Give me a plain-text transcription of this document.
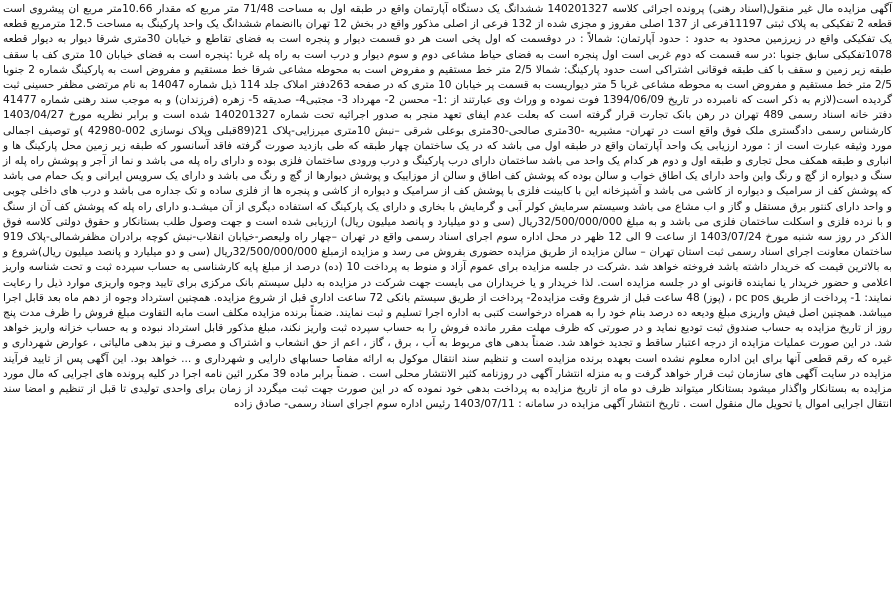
آگهی مزایده مال غیر منقول(اسناد رهنی) پرونده اجرائی کلاسه 140201327 ششدانگ یک دستگاه آپارتمان واقع در طبقه اول به مساحت 71/48 متر مربع که مقدار 10.66متر مربع ان پیشروی است قطعه 2 تفکیکی به پلاک ثبتی 11197فرعی از 137 اصلی مفروز و مجزی شده از 132 فرعی از اصلی مذکور واقع در بخش 12 تهران باانضمام ششدانگ یک واحد پارکینگ به مساحت 12.5 مترمربع قطعه یک تفکیکی واقع در زیرزمین محدود به حدود : حدود آپارتمان: شمالاً : در دوقسمت که اول پخی است هر دو قسمت دیوار و پنجره است به فضای تقاطع و خیابان 30متری شرقا دیوار به دیوار قطعه 1078تفکیکی سابق جنوبا :در سه قسمت که دوم غربی است اول پنجره است به فضای حیاط مشاعی دوم و سوم دیوار و درب است به راه پله غربا :پنجره است به فضای خیابان 10 متری کف با سقف طبقه زیر زمین و سقف با کف طبقه فوقانی اشتراکی است حدود پارکینگ: شمالا 2/5 متر خط مستقیم و مفروض است به محوطه مشاعی شرقا خط مستقیم و مفروض است به پارکینگ شماره 2 جنوبا 2/5 متر خط مستقیم و مفروض است به محوطه مشاعی غربا 5 متر دیواریست به قسمت پر خیابان 10 متری که در صفحه 263دفتر املاک جلد 114 ذیل شماره 14047 به نام مرتضی مظفر حسینی ثبت گردیده است(لازم به ذکر است که نامبرده در تاریخ 1394/06/09 فوت نموده و وراث وی عبارتند از :1- محسن 2- مهرداد 3- مجتبی4- صدیقه 5- زهره (فرزندان) و به موجب سند رهنی شماره 41477 دفتر خانه اسناد رسمی 489 تهران در رهن بانک تجارت قرار گرفته است که بعلت عدم ایفای تعهد منجر به صدور اجرائیه تحت شماره 140201327 شده است و برابر نظریه مورخ 1403/04/27 کارشناس رسمی دادگستری ملک فوق واقع است در تهران- مشیریه -30متری صالحی-30متری بوعلی شرقی –نبش 10متری میرزایی-پلاک 21(89قبلی وپلاک نوسازی 002-42980 )و توصیف اجمالی مورد وثیقه عبارت است از : مورد ارزیابی یک واحد آپارتمان واقع در طبقه اول می باشد که در یک ساختمان چهار طبقه که طی بازدید صورت گرفته فاقد آسانسور که طبقه زیر زمین محل پارکینگ ها و انباری و طبقه همکف محل تجاری و طبقه اول و دوم هر کدام یک واحد می باشد ساختمان دارای درب پارکینگ و درب ورودی ساختمان فلزی بوده و دارای راه پله می باشد و نما از آجر و پوشش راه پله از سنگ و دیواره از گچ و رنگ واین واحد دارای یک اطاق خواب و سالن بوده که پوشش کف اطاق و سالن از موزاییک و پوشش دیوارها از گچ و رنگ می باشد و دارای یک سرویس ایرانی و یک حمام می باشد که پوشش کف از سرامیک و دیواره از کاشی می باشد و آشپزخانه این با کابینت فلزی با پوشش کف از سرامیک و دیواره از کاشی و پنجره ها از فلزی ساده و تک جداره می باشد و درب های داخلی چوبی و واحد دارای کنتور برق مستقل و گاز و اب مشاع می باشد وسیستم سرمایش کولر آبی و گرمایش با بخاری و دارای یک پارکینگ که استفاده دیگری از آن میشـد.و دارای راه پله که پوشش کف آن از سنگ و با نرده فلزی و اسکلت ساختمان فلزی می باشد و به مبلغ 32/500/000/000ریال (سی و دو میلیارد و پانصد میلیون ریال) ارزیابی شده است و جهت وصول طلب بستانکار و حقوق دولتی کلاسه فوق الذکر در روز سه شنبه مورخ 1403/07/24 از ساعت 9 الی 12 ظهر در محل اداره سوم اجرای اسناد رسمی واقع در تهران –چهار راه ولیعصر-خیابان انقلاب-نبش کوچه برادران مظفرشمالی-پلاک 919 ساختمان معاونت اجرای اسناد رسمی ثبت استان تهران – سالن مزایده از طریق مزایده حضوری بفروش می رسد و مزایده ازمبلغ 32/500/000/000ریال (سی و دو میلیارد و پانصد میلیون ریال)شروع و به بالاترین قیمت که خریدار داشته باشد فروخته خواهد شد .شرکت در جلسه مزایده برای عموم آزاد و منوط به پرداخت 10 (ده) درصد از مبلغ پایه کارشناسی به حساب سپرده ثبت و تحت شناسه واریز اعلامی و حضور خریدار یا نماینده قانونی او در جلسه مزایده است. لذا خریدار و یا خریداران می بایست جهت شرکت در مزایده به دلیل سیستم بانک مرکزی برای تایید وجوه واریزی موارد ذیل را رعایت نمایند: 1- پرداخت از طریق pc pos ، (پوز) 48 ساعت قبل از شروع وقت مزایده2- پرداخت از طریق سیستم بانکی 72 ساعت اداری قبل از شروع مزایده. همچنین استرداد وجوه از دهم ماه بعد قابل اجرا میباشد. همچنین اصل فیش واریزی مبلغ ودیعه ده درصد بنام خود را به همراه درخواست کتبی به اداره اجرا تسلیم و ثبت نمایند. ضمناً برنده مزایده مکلف است مابه التفاوت مبلغ فروش را ظرف مدت پنج روز از تاریخ مزایده به حساب صندوق ثبت تودیع نماید و در صورتی که ظرف مهلت مقرر مانده فروش را به حساب سپرده ثبت واریز نکند، مبلغ مذکور قابل استرداد نبوده و به حساب خزانه واریز خواهد شد. در این صورت عملیات مزایده از درجه اعتبار ساقط و تجدید خواهد شد. ضمناً بدهی های مربوط به آب ، برق ، گاز ، اعم از حق انشعاب و اشتراک و مصرف و نیز بدهی مالیاتی ، عوارض شهرداری و غیره که رقم قطعی آنها برای این اداره معلوم نشده است بعهده برنده مزایده است و تنظیم سند انتقال موکول به ارائه مفاصا حسابهای دارایی و شهرداری و ... خواهد بود. این آگهی پس از تایید فرآیند مزایده در سایت آگهی های سازمان ثبت قرار خواهد گرفت و به منزله انتشار آگهی در روزنامه کثیر الانتشار محلی است . ضمناً برابر ماده 39 مکرر ائین نامه اجرا در کلیه پرونده های اجرایی که مال مورد مزایده به بستانکار واگذار میشود بستانکار میتواند ظرف دو ماه از تاریخ مزایده به پرداخت بدهی خود نموده که در این صورت جهت ثبت میگردد از زمان برای واحدی تولیدی تا قبل از تنظیم و امضا سند انتقال اجرایی اموال یا تحویل مال منقول است . تاریخ انتشار آگهی مزایده در سامانه : 1403/07/11 رئیس اداره سوم اجرای اسناد رسمی- صادق زاده
